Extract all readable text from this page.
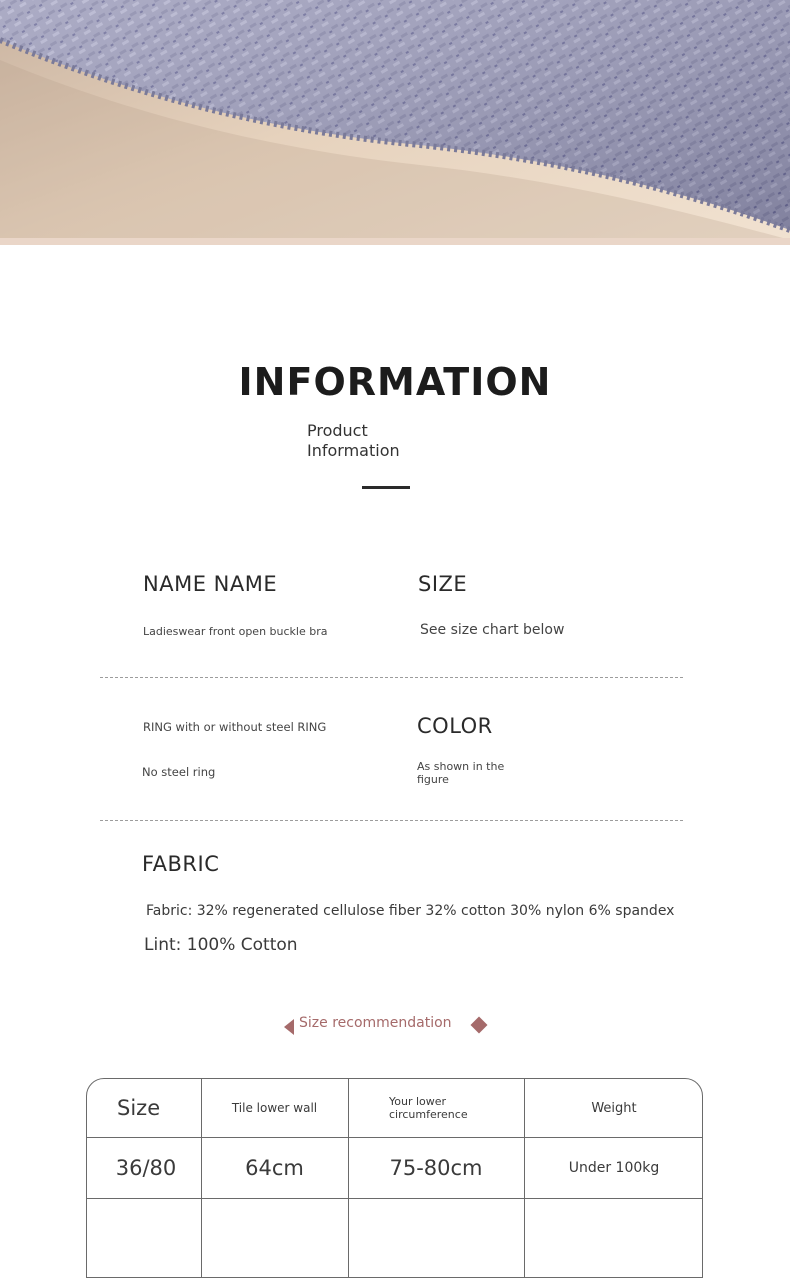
INFORMATION
Product Information
NAME NAME
Ladieswear front open buckle bra
SIZE
See size chart below
RING with or without steel RING
No steel ring
COLOR
As shown in the figure
FABRIC
Fabric: 32% regenerated cellulose fiber 32% cotton 30% nylon 6% spandex
Lint: 100% Cotton
Size recommendation
Size	Tile lower wall	Your lower circumference	Weight
36/80	64cm	75-80cm	Under 100kg
